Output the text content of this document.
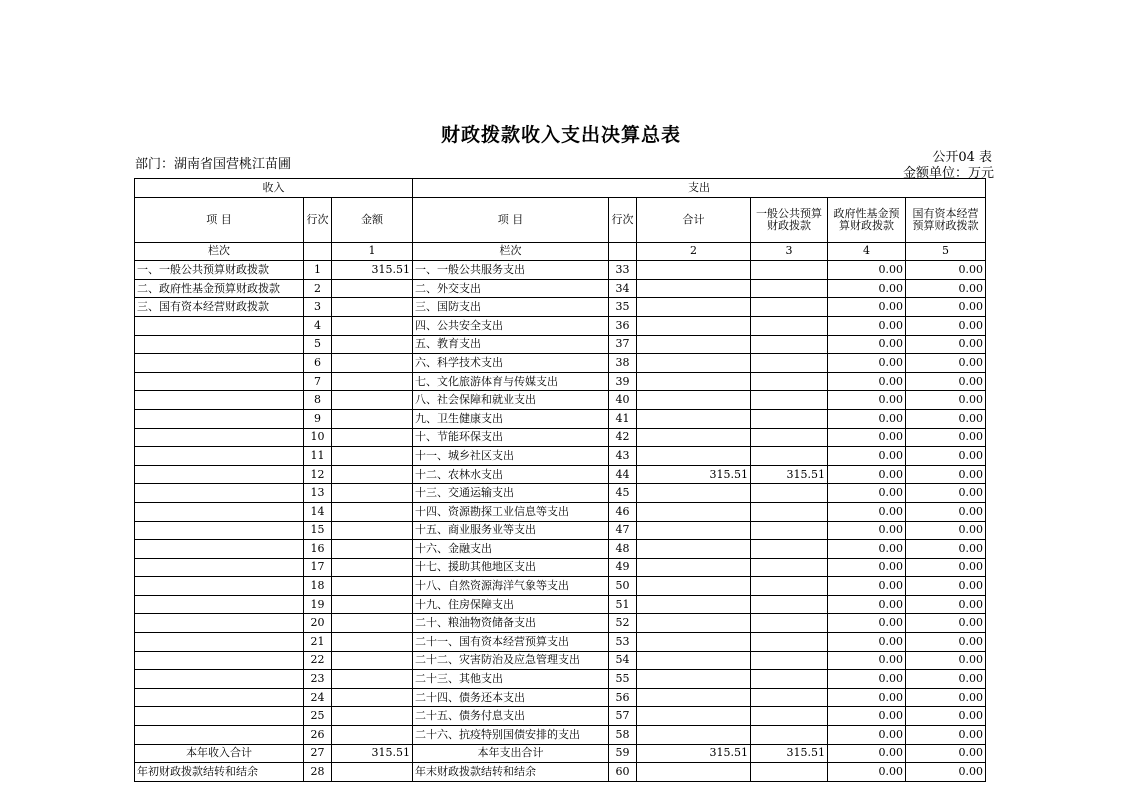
财政拨款收入支出决算总表
部门：湖南省国营桃江苗圃	公开04 表
金额单位：万元
收入			支出					
项 目	行次	金额	项 目	行次	合计	一般公共预算财政拨款	政府性基金预算财政拨款	国有资本经营预算财政拨款
栏次		1	栏次		2	3	4	5
一、一般公共预算财政拨款	1	315.51	一、一般公共服务支出	33			0.00	0.00
二、政府性基金预算财政拨款	2		二、外交支出	34			0.00	0.00
三、国有资本经营财政拨款	3		三、国防支出	35			0.00	0.00
	4		四、公共安全支出	36			0.00	0.00
	5		五、教育支出	37			0.00	0.00
	6		六、科学技术支出	38			0.00	0.00
	7		七、文化旅游体育与传媒支出	39			0.00	0.00
	8		八、社会保障和就业支出	40			0.00	0.00
	9		九、卫生健康支出	41			0.00	0.00
	10		十、节能环保支出	42			0.00	0.00
	11		十一、城乡社区支出	43			0.00	0.00
	12		十二、农林水支出	44	315.51	315.51	0.00	0.00
	13		十三、交通运输支出	45			0.00	0.00
	14		十四、资源勘探工业信息等支出	46			0.00	0.00
	15		十五、商业服务业等支出	47			0.00	0.00
	16		十六、金融支出	48			0.00	0.00
	17		十七、援助其他地区支出	49			0.00	0.00
	18		十八、自然资源海洋气象等支出	50			0.00	0.00
	19		十九、住房保障支出	51			0.00	0.00
	20		二十、粮油物资储备支出	52			0.00	0.00
	21		二十一、国有资本经营预算支出	53			0.00	0.00
	22		二十二、灾害防治及应急管理支出	54			0.00	0.00
	23		二十三、其他支出	55			0.00	0.00
	24		二十四、债务还本支出	56			0.00	0.00
	25		二十五、债务付息支出	57			0.00	0.00
	26		二十六、抗疫特别国债安排的支出	58			0.00	0.00
本年收入合计	27	315.51	本年支出合计	59	315.51	315.51	0.00	0.00
年初财政拨款结转和结余	28		年末财政拨款结转和结余	60			0.00	0.00
